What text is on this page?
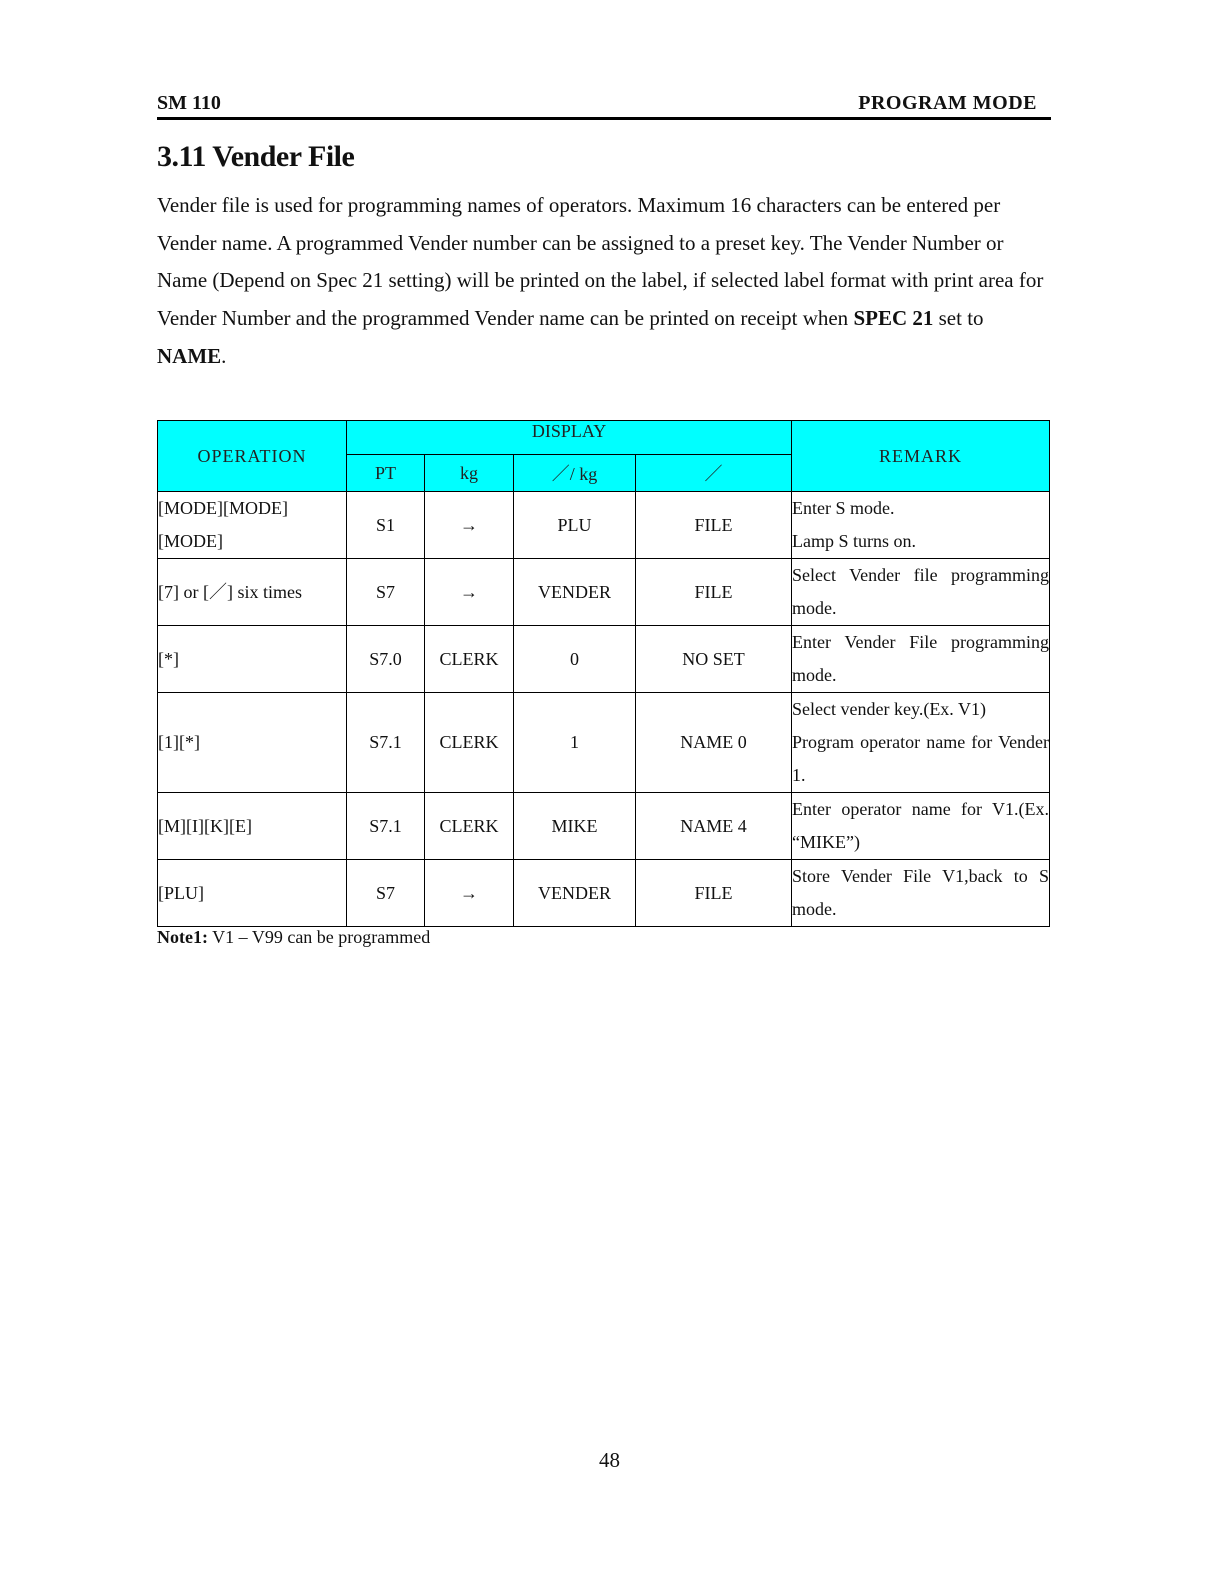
SM 110	PROGRAM MODE
3.11 Vender File

Vender file is used for programming names of operators. Maximum 16 characters can be entered per Vender name. A programmed Vender number can be assigned to a preset key. The Vender Number or Name (Depend on Spec 21 setting) will be printed on the label, if selected label format with print area for Vender Number and the programmed Vender name can be printed on receipt when SPEC 21 set to NAME.

OPERATION	DISPLAY				REMARK
	PT	kg	／/ kg	／	
[MODE][MODE]
[MODE]	S1	→	PLU	FILE	Enter S mode.
Lamp S turns on.
[7] or [／] six times	S7	→	VENDER	FILE	Select Vender file programming mode.
[*]	S7.0	CLERK	0	NO SET	Enter Vender File programming mode.
[1][*]	S7.1	CLERK	1	NAME 0	Select vender key.(Ex. V1)
Program operator name for Vender 1.
[M][I][K][E]	S7.1	CLERK	MIKE	NAME 4	Enter operator name for V1.(Ex. “MIKE”)
[PLU]	S7	→	VENDER	FILE	Store Vender File V1,back to S mode.
Note1: V1 – V99 can be programmed
48
